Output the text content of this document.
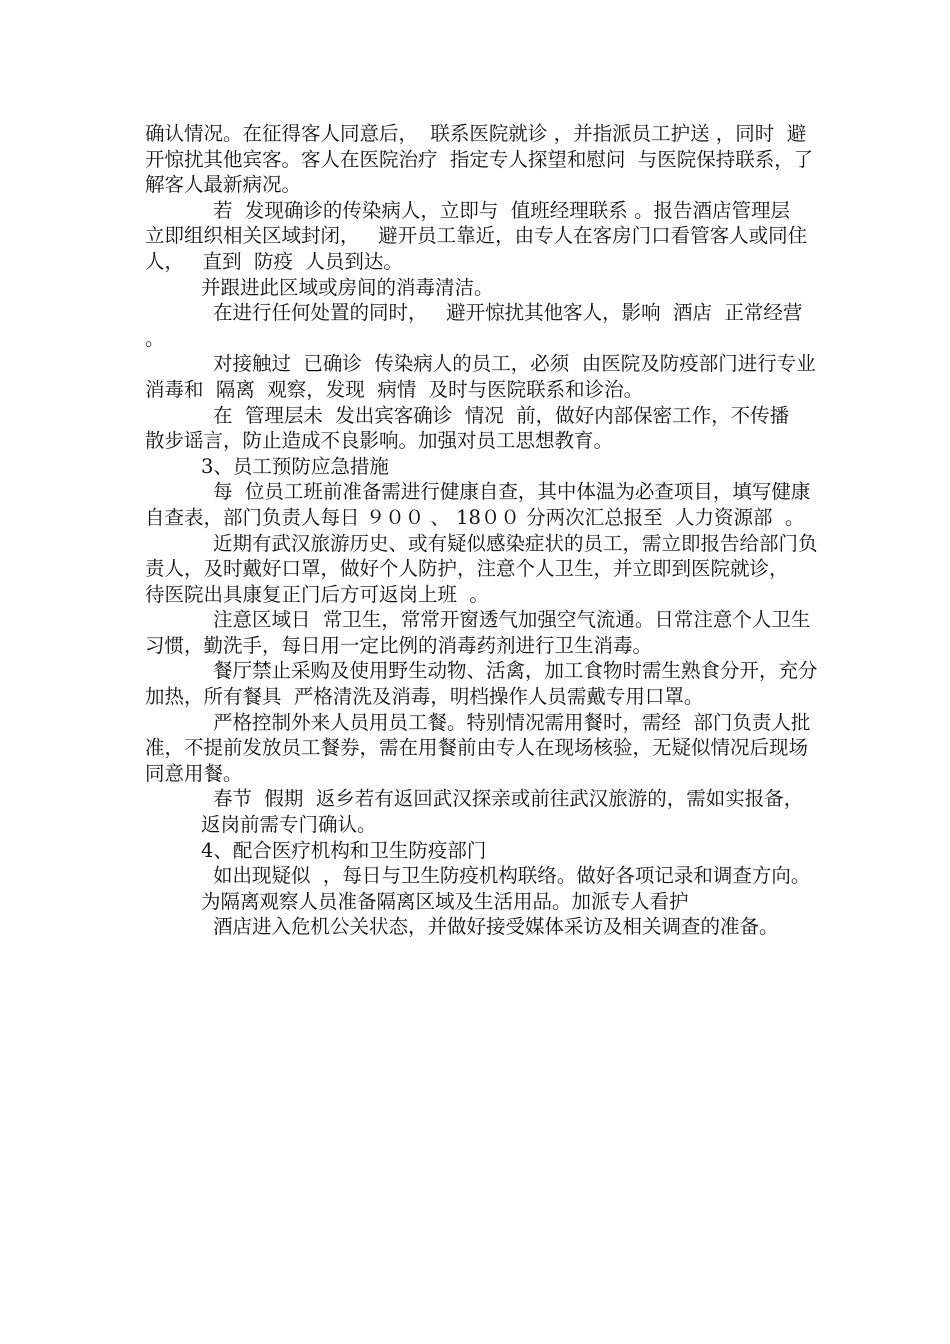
确认情况。在征得客人同意后，  联系医院就诊 ，并指派员工护送 ，同时  避开惊扰其他宾客。客人在医院治疗  指定专人探望和慰问  与医院保持联系，了解客人最新病况。

若  发现确诊的传染病人，立即与  值班经理联系 。报告酒店管理层  立即组织相关区域封闭，   避开员工靠近，由专人在客房门口看管客人或同住人，   直到  防疫  人员到达。

并跟进此区域或房间的消毒清洁。

在进行任何处置的同时，   避开惊扰其他客人，影响  酒店  正常经营  。

对接触过  已确诊  传染病人的员工，必须  由医院及防疫部门进行专业消毒和  隔离  观察，发现  病情  及时与医院联系和诊治。

在  管理层未  发出宾客确诊  情况  前，做好内部保密工作，不传播  散步谣言，防止造成不良影响。加强对员工思想教育。

3、员工预防应急措施

每  位员工班前准备需进行健康自查，其中体温为必查项目，填写健康自查表，部门负责人每日 ９００ 、 18００ 分两次汇总报至  人力资源部  。

近期有武汉旅游历史、或有疑似感染症状的员工，需立即报告给部门负责人，及时戴好口罩，做好个人防护，注意个人卫生，并立即到医院就诊，   待医院出具康复正门后方可返岗上班  。

注意区域日  常卫生，常常开窗透气加强空气流通。日常注意个人卫生习惯，勤洗手，每日用一定比例的消毒药剂进行卫生消毒。

餐厅禁止采购及使用野生动物、活禽，加工食物时需生熟食分开，充分加热，所有餐具  严格清洗及消毒，明档操作人员需戴专用口罩。

严格控制外来人员用员工餐。特别情况需用餐时，需经  部门负责人批准，不提前发放员工餐券，需在用餐前由专人在现场核验，无疑似情况后现场同意用餐。

春节  假期  返乡若有返回武汉探亲或前往武汉旅游的，需如实报备，

返岗前需专门确认。

4、配合医疗机构和卫生防疫部门

如出现疑似  ，每日与卫生防疫机构联络。做好各项记录和调查方向。

为隔离观察人员准备隔离区域及生活用品。加派专人看护

酒店进入危机公关状态，并做好接受媒体采访及相关调查的准备。
